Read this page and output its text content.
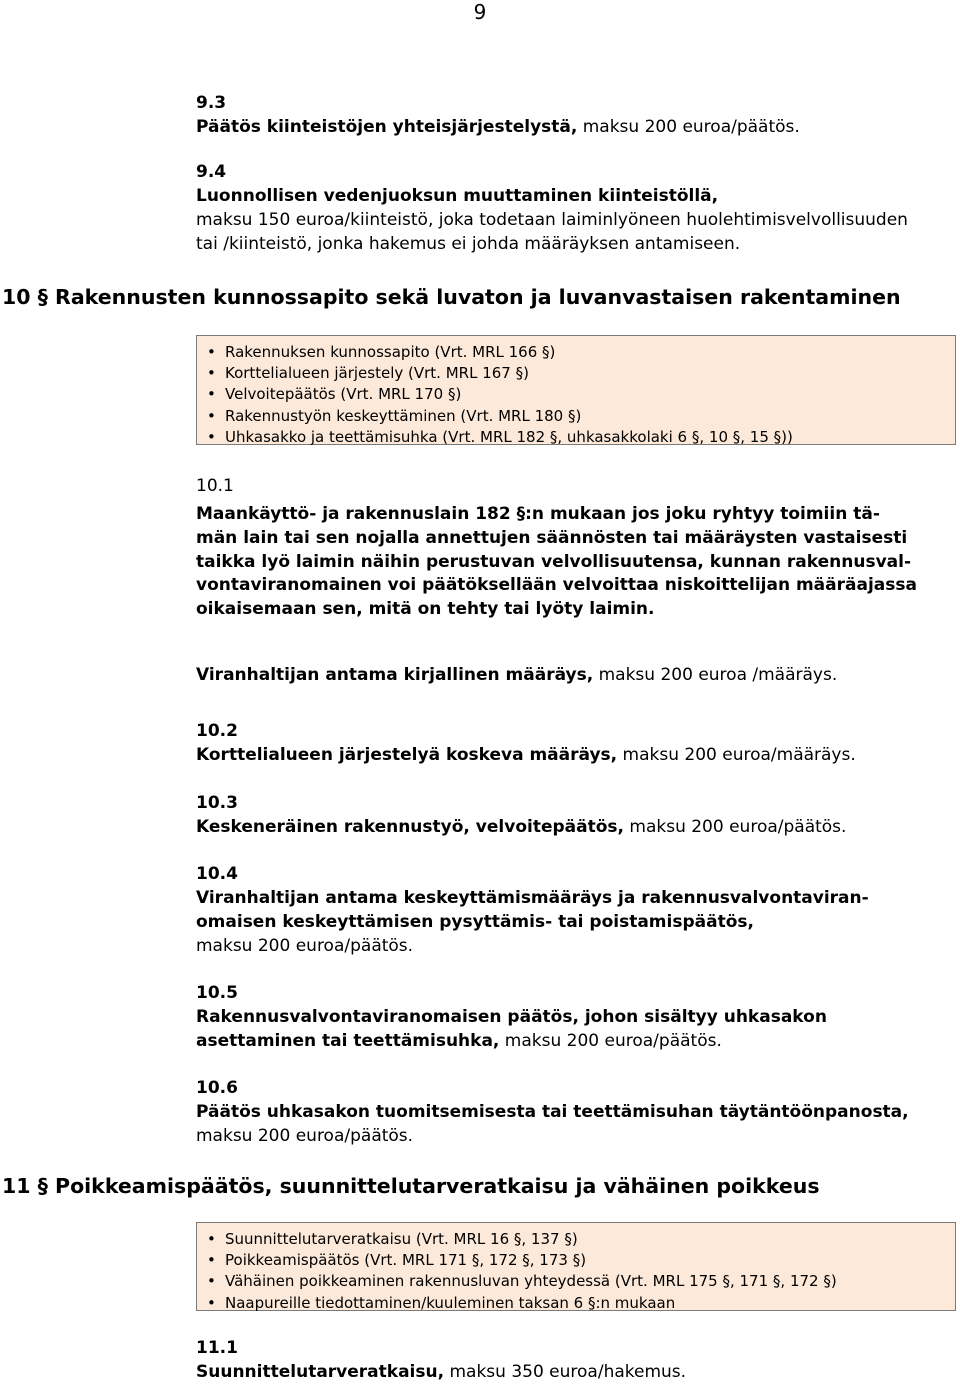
9
9.3
Päätös kiinteistöjen yhteisjärjestelystä, maksu 200 euroa/päätös.
9.4
Luonnollisen vedenjuoksun muuttaminen kiinteistöllä,
maksu 150 euroa/kiinteistö, joka todetaan laiminlyöneen huolehtimisvelvollisuuden
tai /kiinteistö, jonka hakemus ei johda määräyksen antamiseen.
10 § Rakennusten kunnossapito sekä luvaton ja luvanvastaisen rakentaminen
• Rakennuksen kunnossapito (Vrt. MRL 166 §)
• Korttelialueen järjestely (Vrt. MRL 167 §)
• Velvoitepäätös (Vrt. MRL 170 §)
• Rakennustyön keskeyttäminen (Vrt. MRL 180 §)
• Uhkasakko ja teettämisuhka (Vrt. MRL 182 §, uhkasakkolaki 6 §, 10 §, 15 §))
10.1
Maankäyttö- ja rakennuslain 182 §:n mukaan jos joku ryhtyy toimiin tä-
män lain tai sen nojalla annettujen säännösten tai määräysten vastaisesti
taikka lyö laimin näihin perustuvan velvollisuutensa, kunnan rakennusval-
vontaviranomainen voi päätöksellään velvoittaa niskoittelijan määräajassa
oikaisemaan sen, mitä on tehty tai lyöty laimin.
Viranhaltijan antama kirjallinen määräys, maksu 200 euroa /määräys.
10.2
Korttelialueen järjestelyä koskeva määräys, maksu 200 euroa/määräys.
10.3
Keskeneräinen rakennustyö, velvoitepäätös, maksu 200 euroa/päätös.
10.4
Viranhaltijan antama keskeyttämismääräys ja rakennusvalvontaviran-
omaisen keskeyttämisen pysyttämis- tai poistamispäätös,
maksu 200 euroa/päätös.
10.5
Rakennusvalvontaviranomaisen päätös, johon sisältyy uhkasakon
asettaminen tai teettämisuhka, maksu 200 euroa/päätös.
10.6
Päätös uhkasakon tuomitsemisesta tai teettämisuhan täytäntöönpanosta,
maksu 200 euroa/päätös.
11 § Poikkeamispäätös, suunnittelutarveratkaisu ja vähäinen poikkeus
• Suunnittelutarveratkaisu (Vrt. MRL 16 §, 137 §)
• Poikkeamispäätös (Vrt. MRL 171 §, 172 §, 173 §)
• Vähäinen poikkeaminen rakennusluvan yhteydessä (Vrt. MRL 175 §, 171 §, 172 §)
• Naapureille tiedottaminen/kuuleminen taksan 6 §:n mukaan
11.1
Suunnittelutarveratkaisu, maksu 350 euroa/hakemus.
